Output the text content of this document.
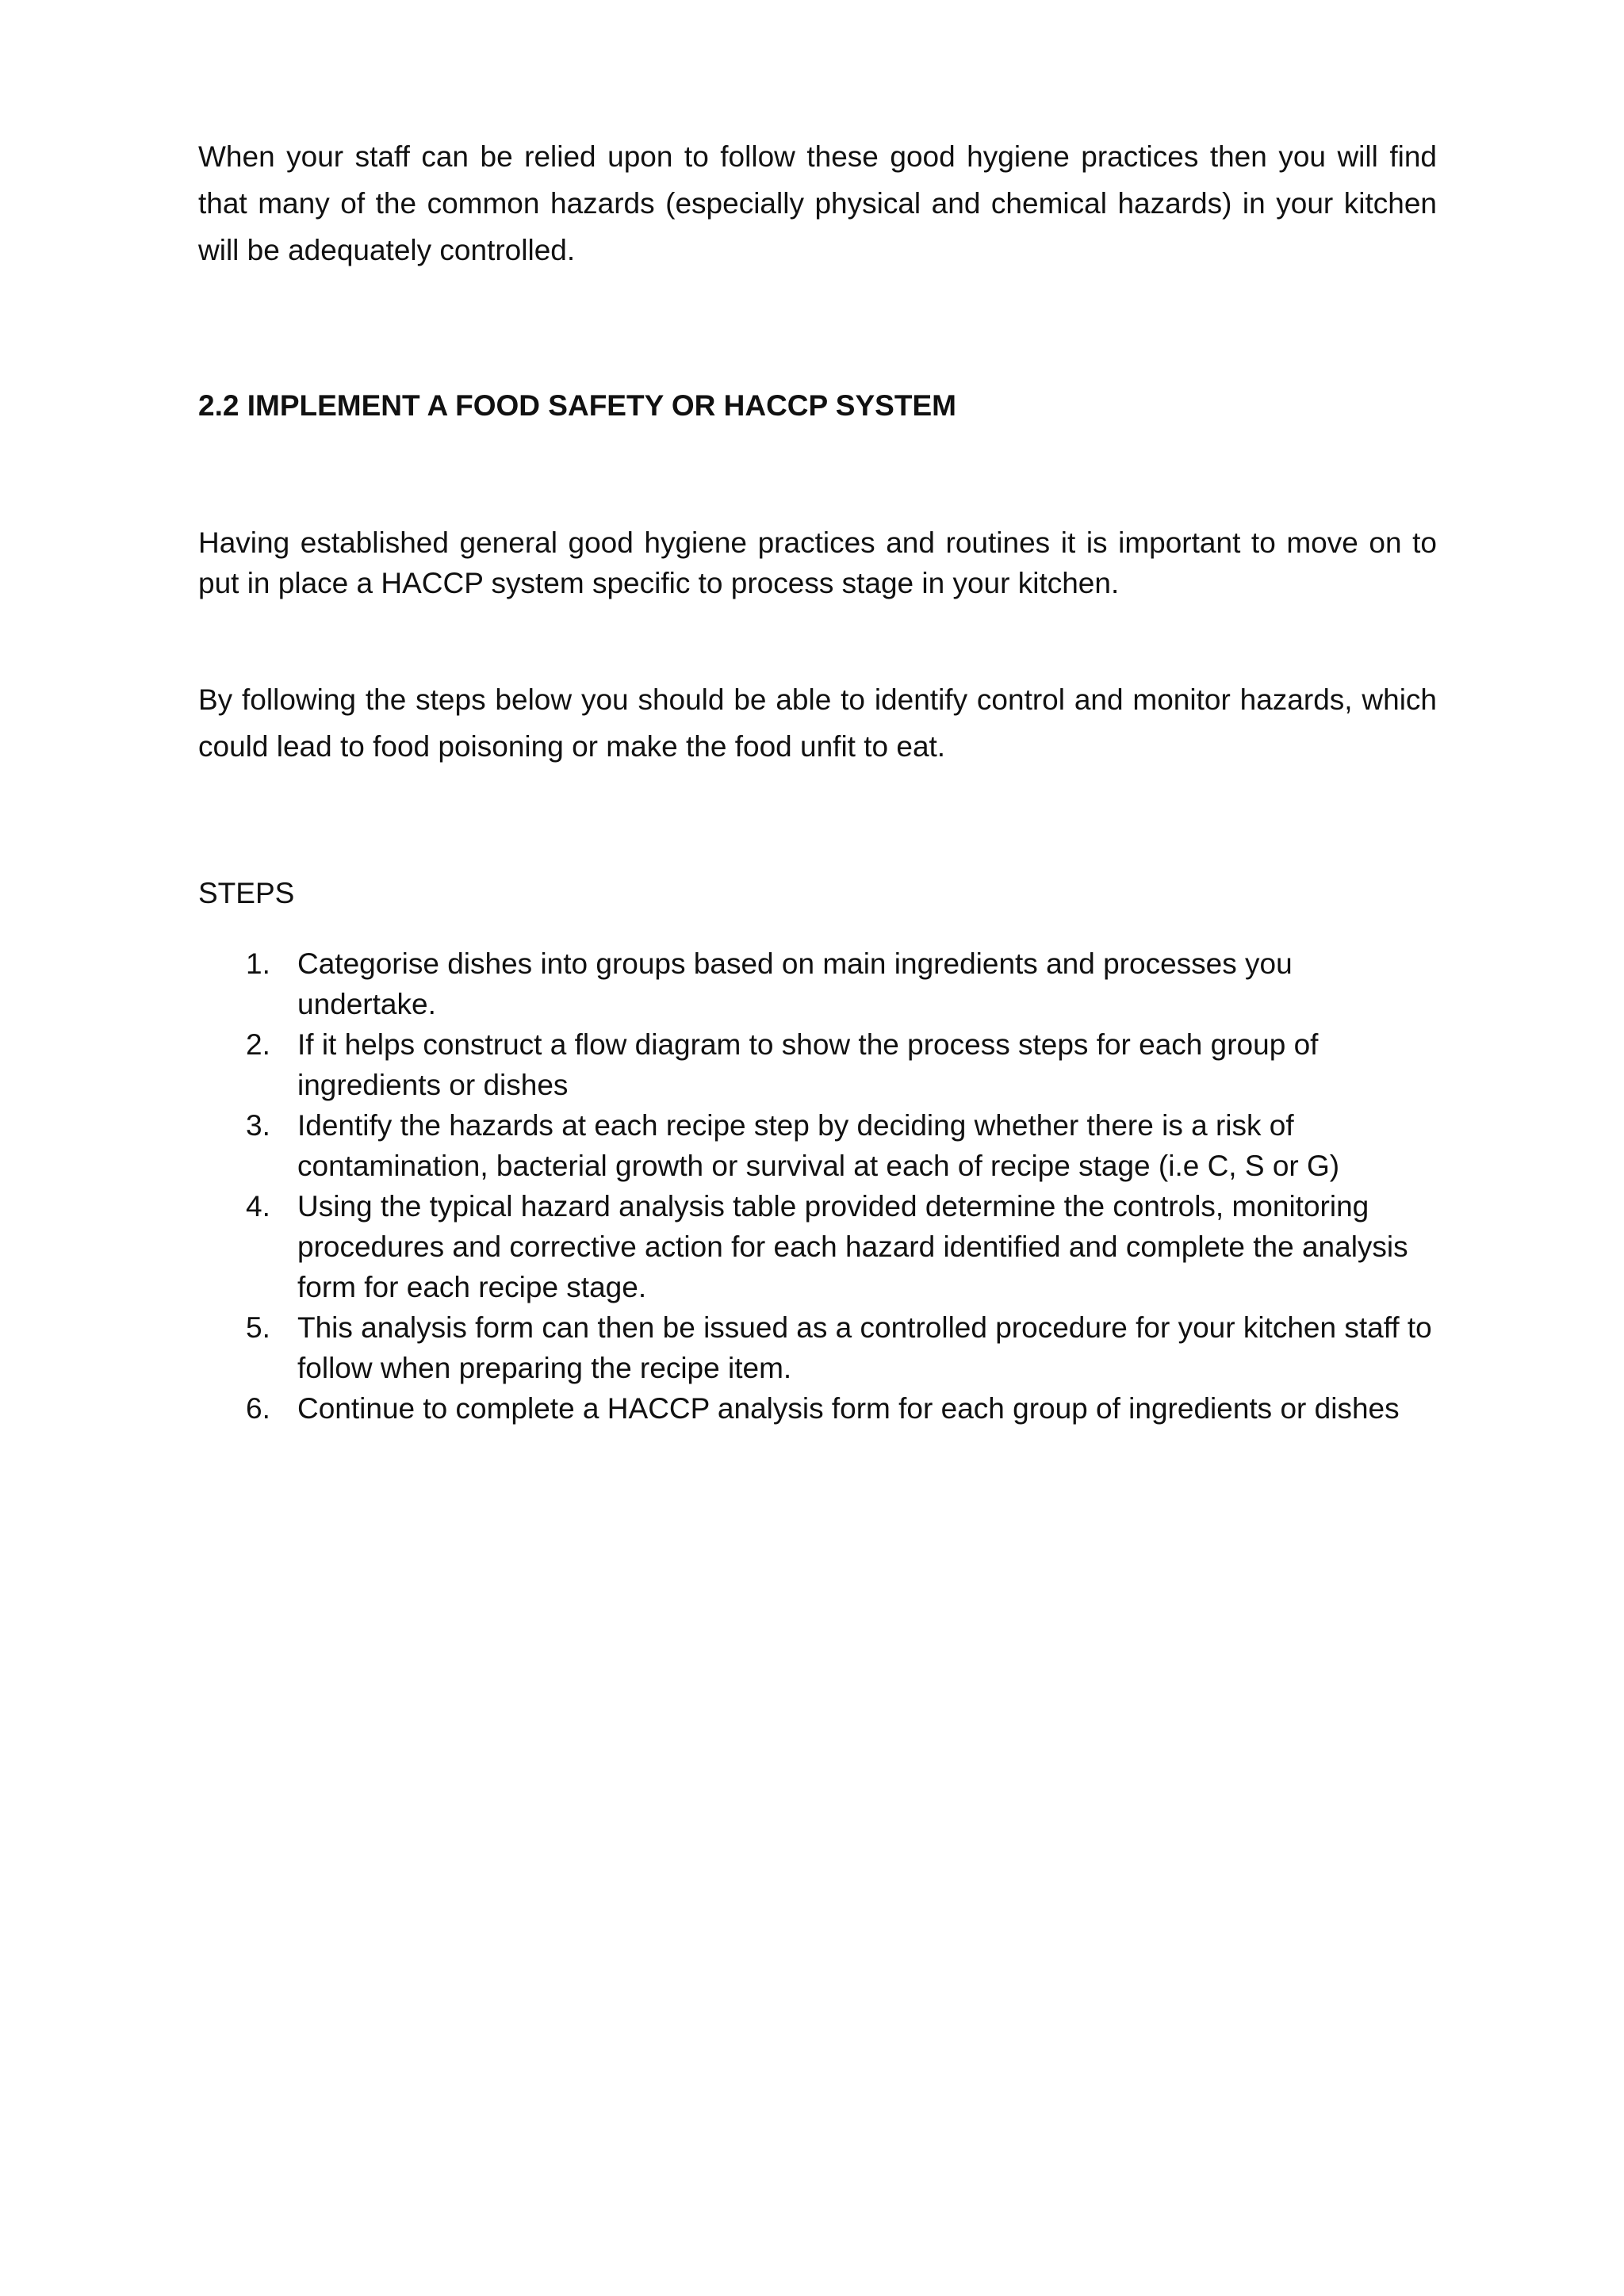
When your staff can be relied upon to follow these good hygiene practices then you will find that many of the common hazards (especially physical and chemical hazards) in your kitchen will be adequately controlled.

2.2 IMPLEMENT A FOOD SAFETY OR HACCP SYSTEM

Having established general good hygiene practices and routines it is important to move on to put in place a HACCP system specific to process stage in your kitchen.

By following the steps below you should be able to identify control and monitor hazards, which could lead to food poisoning or make the food unfit to eat.

STEPS

1. Categorise dishes into groups based on main ingredients and processes you undertake.
2. If it helps construct a flow diagram to show the process steps for each group of ingredients or dishes
3. Identify the hazards at each recipe step by deciding whether there is a risk of contamination, bacterial growth or survival at each of recipe stage (i.e C, S or G)
4. Using the typical hazard analysis table provided determine the controls, monitoring procedures and corrective action for each hazard identified and complete the analysis form for each recipe stage.
5. This analysis form can then be issued as a controlled procedure for your kitchen staff to follow when preparing the recipe item.
6. Continue to complete a HACCP analysis form for each group of ingredients or dishes
